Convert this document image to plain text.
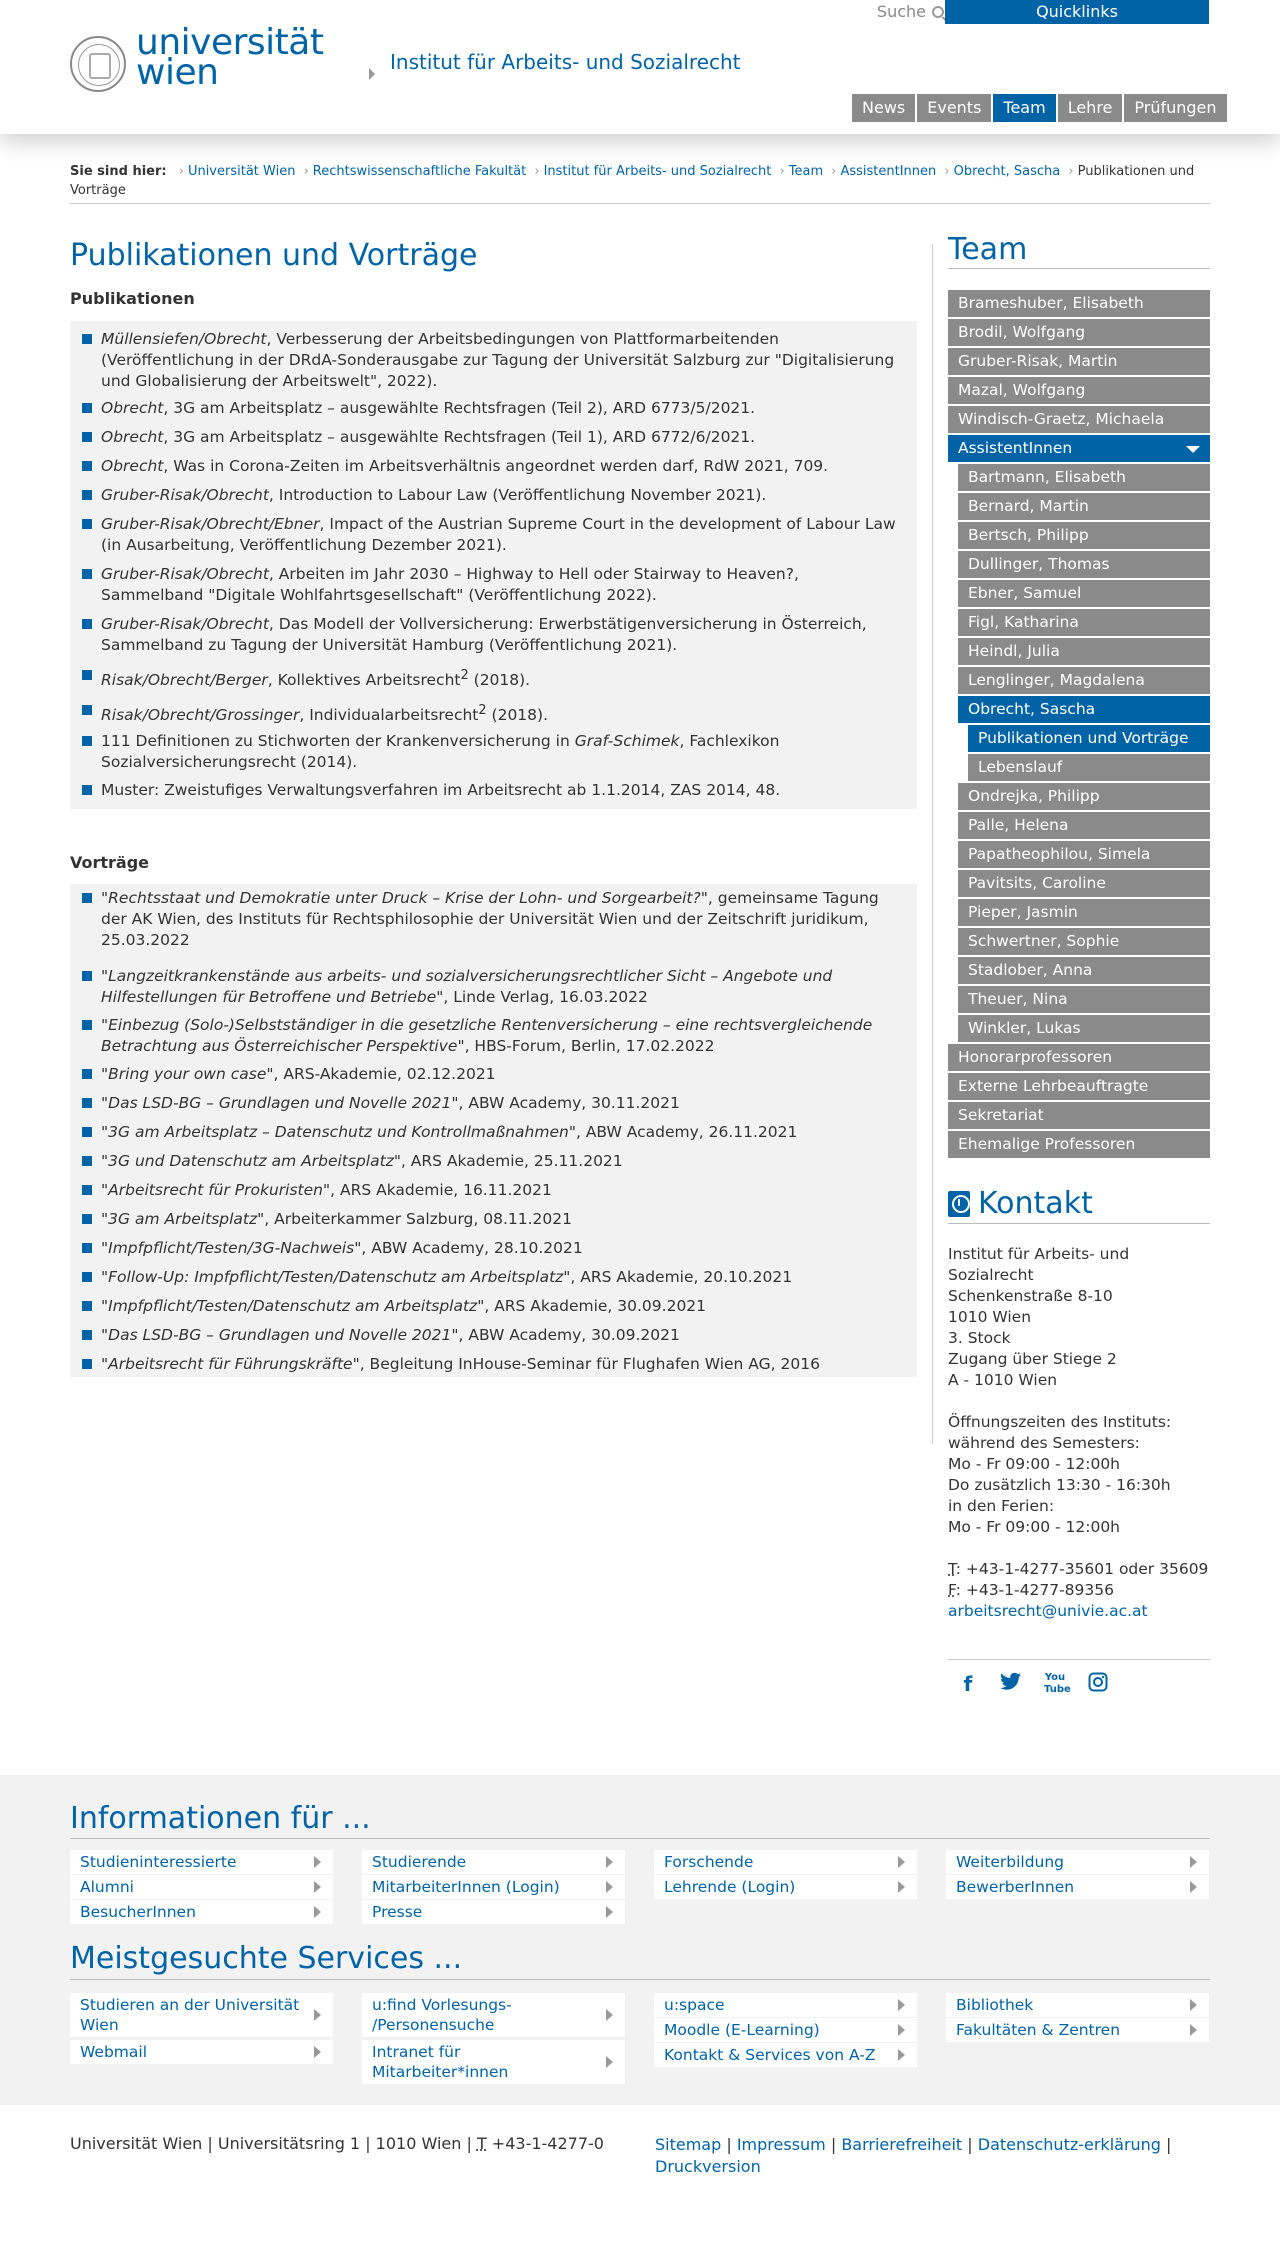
Suche	Quicklinks
universität
wien	Institut für Arbeits- und Sozialrecht
News	Events	Team	Lehre	Prüfungen
Sie sind hier: › Universität Wien › Rechtswissenschaftliche Fakultät › Institut für Arbeits- und Sozialrecht › Team › AssistentInnen › Obrecht, Sascha › Publikationen und Vorträge
Publikationen und Vorträge
Publikationen
Müllensiefen/Obrecht, Verbesserung der Arbeitsbedingungen von Plattformarbeitenden (Veröffentlichung in der DRdA-Sonderausgabe zur Tagung der Universität Salzburg zur "Digitalisierung und Globalisierung der Arbeitswelt", 2022).
Obrecht, 3G am Arbeitsplatz – ausgewählte Rechtsfragen (Teil 2), ARD 6773/5/2021.
Obrecht, 3G am Arbeitsplatz – ausgewählte Rechtsfragen (Teil 1), ARD 6772/6/2021.
Obrecht, Was in Corona-Zeiten im Arbeitsverhältnis angeordnet werden darf, RdW 2021, 709.
Gruber-Risak/Obrecht, Introduction to Labour Law (Veröffentlichung November 2021).
Gruber-Risak/Obrecht/Ebner, Impact of the Austrian Supreme Court in the development of Labour Law (in Ausarbeitung, Veröffentlichung Dezember 2021).
Gruber-Risak/Obrecht, Arbeiten im Jahr 2030 – Highway to Hell oder Stairway to Heaven?, Sammelband "Digitale Wohlfahrtsgesellschaft" (Veröffentlichung 2022).
Gruber-Risak/Obrecht, Das Modell der Vollversicherung: Erwerbstätigenversicherung in Österreich, Sammelband zu Tagung der Universität Hamburg (Veröffentlichung 2021).
Risak/Obrecht/Berger, Kollektives Arbeitsrecht$^2$ (2018).
Risak/Obrecht/Grossinger, Individualarbeitsrecht$^2$ (2018).
111 Definitionen zu Stichworten der Krankenversicherung in Graf-Schimek, Fachlexikon Sozialversicherungsrecht (2014).
Muster: Zweistufiges Verwaltungsverfahren im Arbeitsrecht ab 1.1.2014, ZAS 2014, 48.
Vorträge
"Rechtsstaat und Demokratie unter Druck – Krise der Lohn- und Sorgearbeit?", gemeinsame Tagung der AK Wien, des Instituts für Rechtsphilosophie der Universität Wien und der Zeitschrift juridikum, 25.03.2022
"Langzeitkrankenstände aus arbeits- und sozialversicherungsrechtlicher Sicht – Angebote und Hilfestellungen für Betroffene und Betriebe", Linde Verlag, 16.03.2022
"Einbezug (Solo-)Selbstständiger in die gesetzliche Rentenversicherung – eine rechtsvergleichende Betrachtung aus Österreichischer Perspektive", HBS-Forum, Berlin, 17.02.2022
"Bring your own case", ARS-Akademie, 02.12.2021
"Das LSD-BG – Grundlagen und Novelle 2021", ABW Academy, 30.11.2021
"3G am Arbeitsplatz – Datenschutz und Kontrollmaßnahmen", ABW Academy, 26.11.2021
"3G und Datenschutz am Arbeitsplatz", ARS Akademie, 25.11.2021
"Arbeitsrecht für Prokuristen", ARS Akademie, 16.11.2021
"3G am Arbeitsplatz", Arbeiterkammer Salzburg, 08.11.2021
"Impfpflicht/Testen/3G-Nachweis", ABW Academy, 28.10.2021
"Follow-Up: Impfpflicht/Testen/Datenschutz am Arbeitsplatz", ARS Akademie, 20.10.2021
"Impfpflicht/Testen/Datenschutz am Arbeitsplatz", ARS Akademie, 30.09.2021
"Das LSD-BG – Grundlagen und Novelle 2021", ABW Academy, 30.09.2021
"Arbeitsrecht für Führungskräfte", Begleitung InHouse-Seminar für Flughafen Wien AG, 2016
Team
Brameshuber, Elisabeth
Brodil, Wolfgang
Gruber-Risak, Martin
Mazal, Wolfgang
Windisch-Graetz, Michaela
AssistentInnen
Bartmann, Elisabeth
Bernard, Martin
Bertsch, Philipp
Dullinger, Thomas
Ebner, Samuel
Figl, Katharina
Heindl, Julia
Lenglinger, Magdalena
Obrecht, Sascha
Publikationen und Vorträge
Lebenslauf
Ondrejka, Philipp
Palle, Helena
Papatheophilou, Simela
Pavitsits, Caroline
Pieper, Jasmin
Schwertner, Sophie
Stadlober, Anna
Theuer, Nina
Winkler, Lukas
Honorarprofessoren
Externe Lehrbeauftragte
Sekretariat
Ehemalige Professoren
Kontakt
Institut für Arbeits- und
Sozialrecht
Schenkenstraße 8-10
1010 Wien
3. Stock
Zugang über Stiege 2
A - 1010 Wien
Öffnungszeiten des Instituts:
während des Semesters:
Mo - Fr 09:00 - 12:00h
Do zusätzlich 13:30 - 16:30h
in den Ferien:
Mo - Fr 09:00 - 12:00h
T: +43-1-4277-35601 oder 35609
F: +43-1-4277-89356
arbeitsrecht@univie.ac.at
f	You
Tube
Informationen für ...
Studieninteressierte	Studierende	Forschende	Weiterbildung
Alumni	MitarbeiterInnen (Login)	Lehrende (Login)	BewerberInnen
BesucherInnen	Presse
Meistgesuchte Services ...
Studieren an der Universität Wien
u:find Vorlesungs- /Personensuche
u:space	Bibliothek
Webmail	Intranet für Mitarbeiter*innen
Moodle (E-Learning)	Fakultäten & Zentren
Kontakt & Services von A-Z
Universität Wien | Universitätsring 1 | 1010 Wien | T +43-1-4277-0	Sitemap | Impressum | Barrierefreiheit | Datenschutz-erklärung | Druckversion
